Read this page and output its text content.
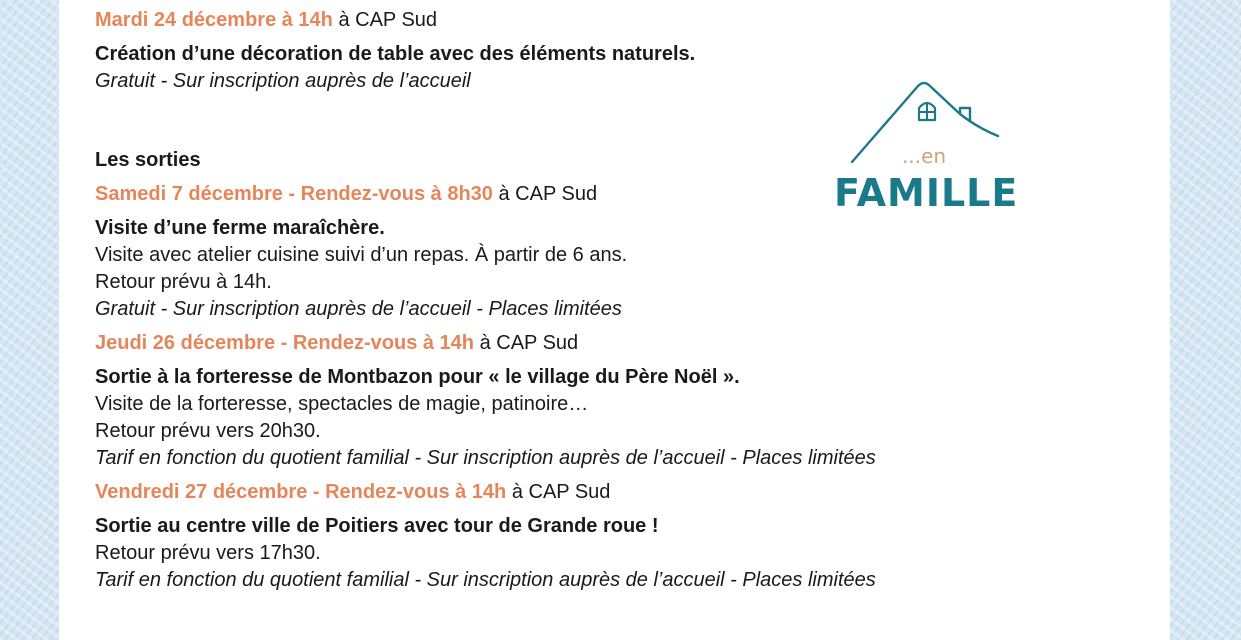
Mardi 24 décembre à 14h à CAP Sud
Création d’une décoration de table avec des éléments naturels.
Gratuit - Sur inscription auprès de l’accueil
Les sorties
Samedi 7 décembre - Rendez-vous à 8h30 à CAP Sud
Visite d’une ferme maraîchère.
Visite avec atelier cuisine suivi d’un repas. À partir de 6 ans.
Retour prévu à 14h.
Gratuit - Sur inscription auprès de l’accueil - Places limitées
Jeudi 26 décembre - Rendez-vous à 14h à CAP Sud
Sortie à la forteresse de Montbazon pour « le village du Père Noël ».
Visite de la forteresse, spectacles de magie, patinoire…
Retour prévu vers 20h30.
Tarif en fonction du quotient familial - Sur inscription auprès de l’accueil - Places limitées
Vendredi 27 décembre - Rendez-vous à 14h à CAP Sud
Sortie au centre ville de Poitiers avec tour de Grande roue !
Retour prévu vers 17h30.
Tarif en fonction du quotient familial - Sur inscription auprès de l’accueil - Places limitées
...en
FAMILLE
